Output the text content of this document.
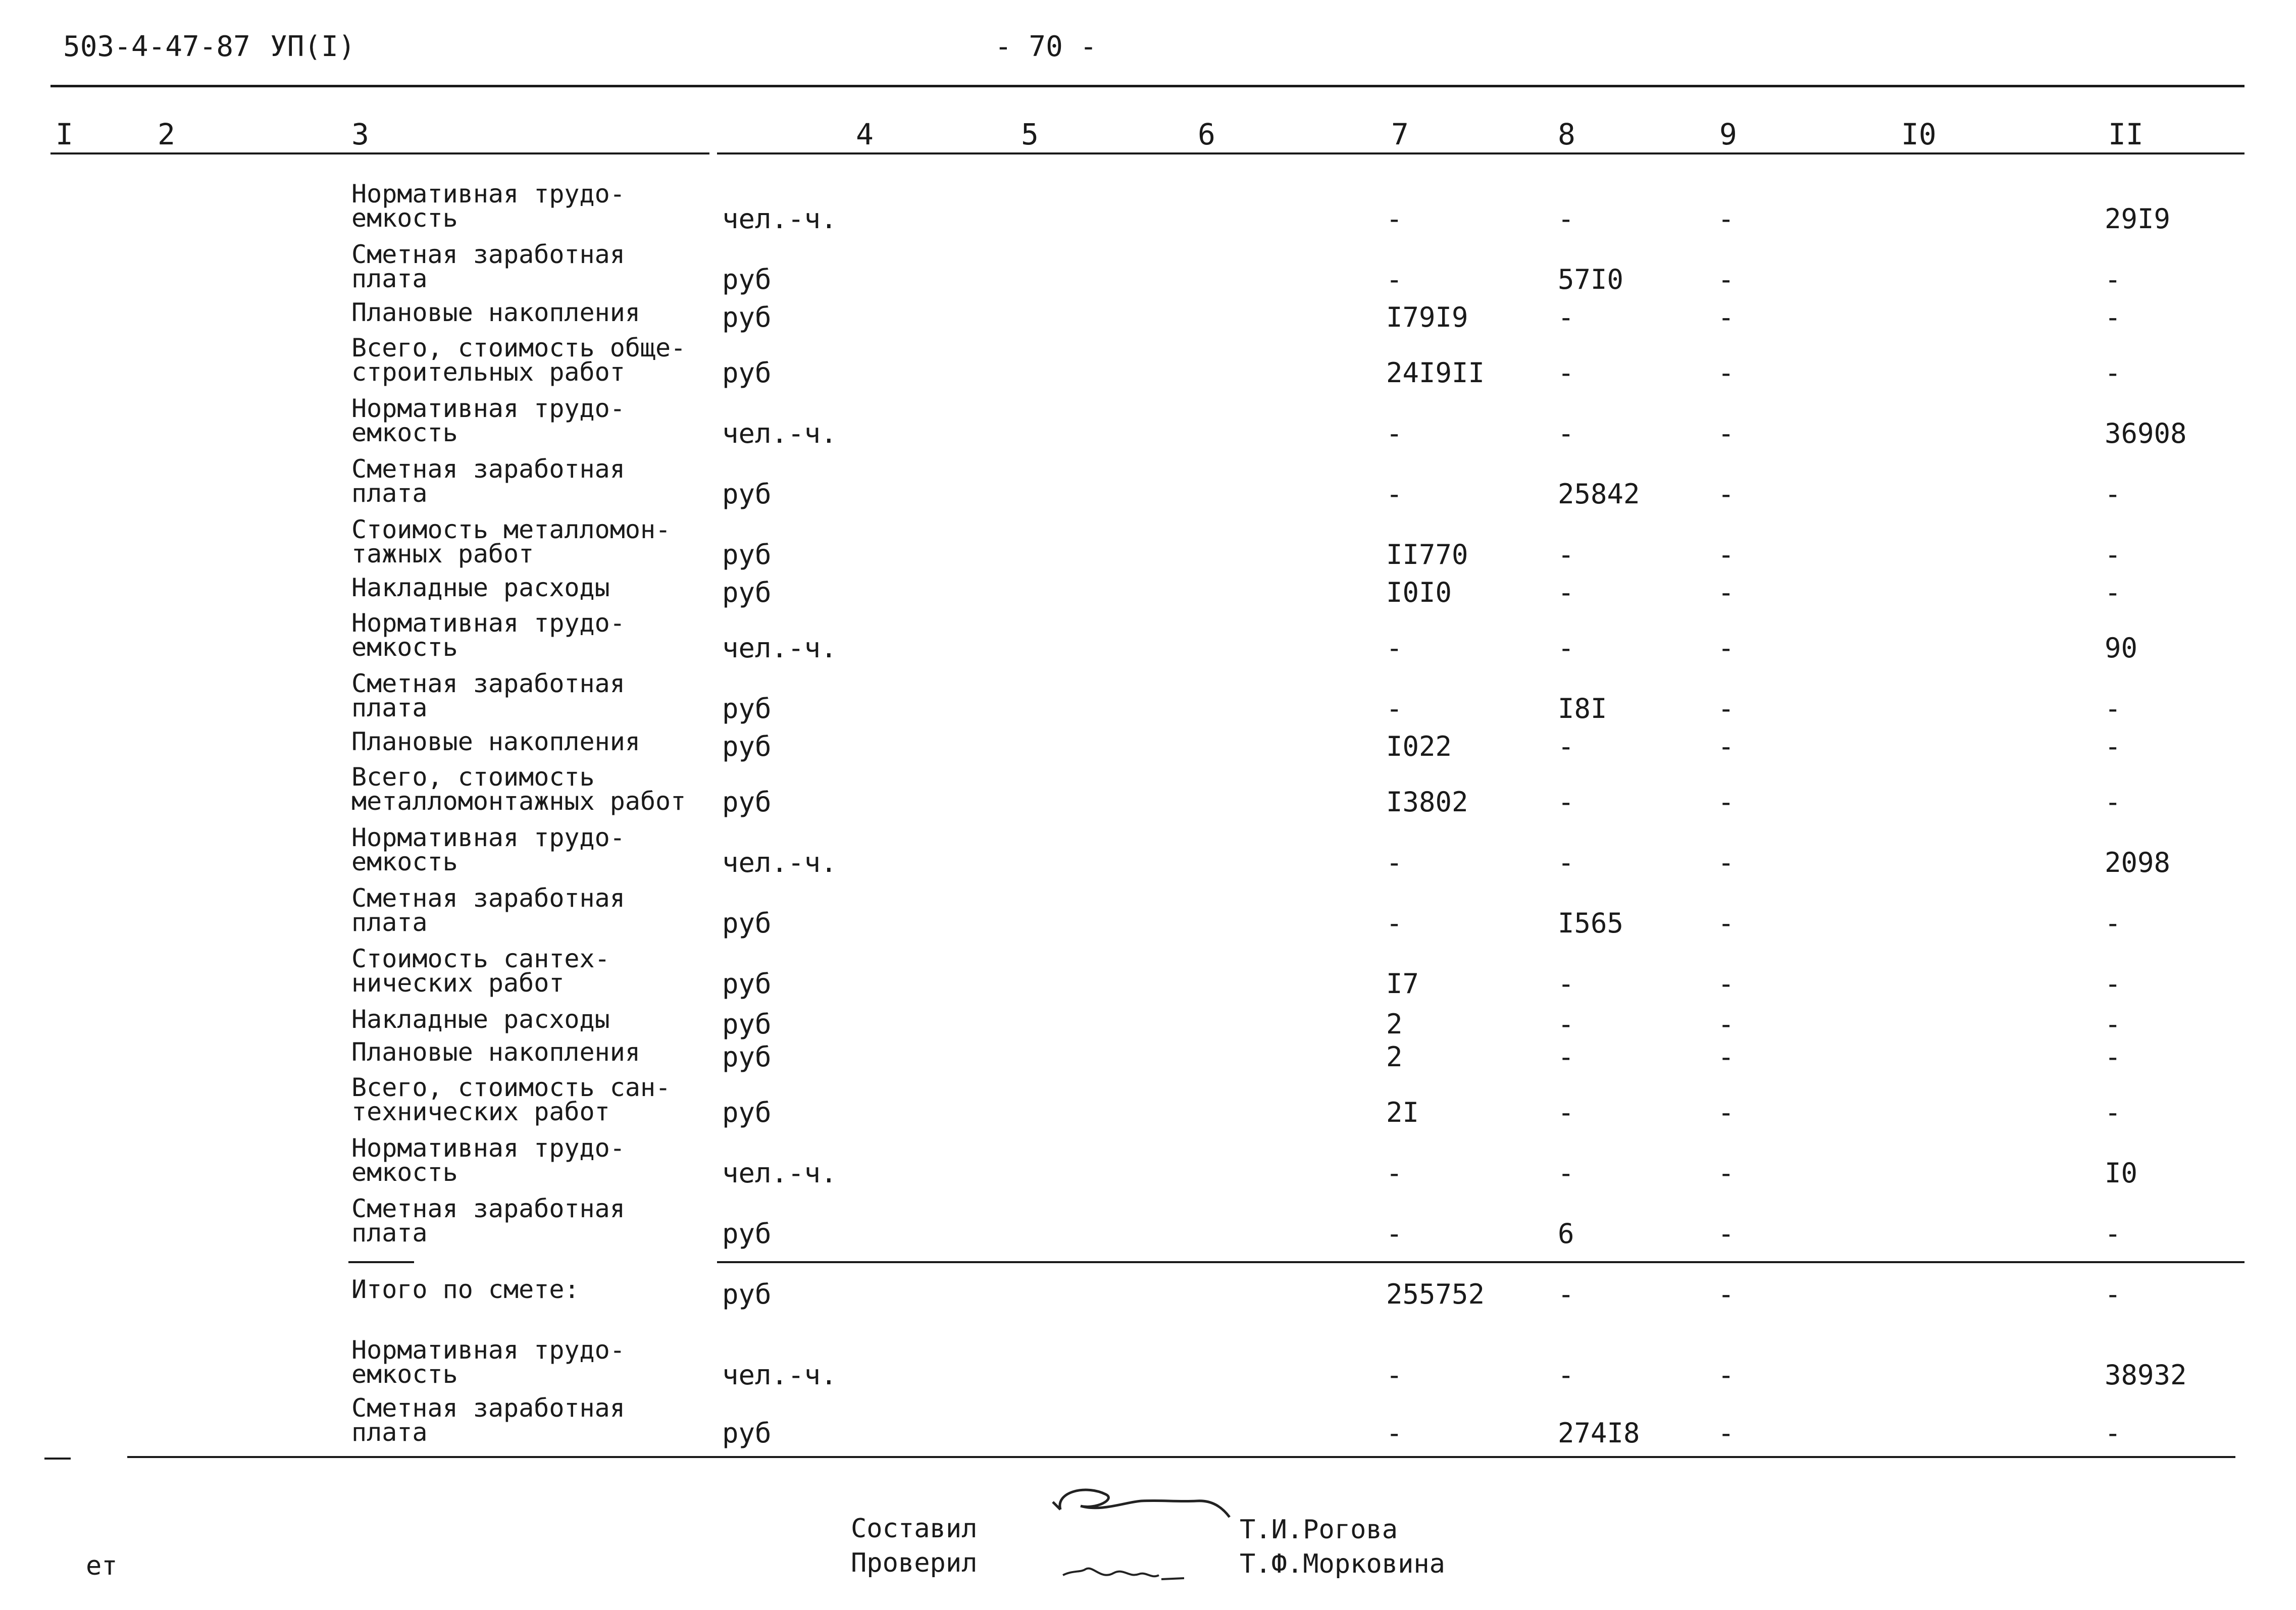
503-4-47-87 УП(I)	- 70 -
I	2	3	4	5	6	7	8	9	I0	II
Нормативная трудо-
емкость	чел.-ч.	-	-	-	29I9
Сметная заработная
плата	руб	-	57I0	-	-
Плановые накопления	руб	I79I9	-	-	-
Всего, стоимость обще-
строительных работ	руб	24I9II	-	-	-
Нормативная трудо-
емкость	чел.-ч.	-	-	-	36908
Сметная заработная
плата	руб	-	25842	-	-
Стоимость металломон-
тажных работ	руб	II770	-	-	-
Накладные расходы	руб	I0I0	-	-	-
Нормативная трудо-
емкость	чел.-ч.	-	-	-	90
Сметная заработная
плата	руб	-	I8I	-	-
Плановые накопления	руб	I022	-	-	-
Всего, стоимость
металломонтажных работ руб	I3802	-	-	-
Нормативная трудо-
емкость	чел.-ч.	-	-	-	2098
Сметная заработная
плата	руб	-	I565	-	-
Стоимость сантех-
нических работ	руб	I7	-	-	-
Накладные расходы	руб	2	-	-	-
Плановые накопления	руб	2	-	-	-
Всего, стоимость сан-
технических работ	руб	2I	-	-	-
Нормативная трудо-
емкость	чел.-ч.	-	-	-	I0
Сметная заработная
плата	руб	-	6	-	-
Итого по смете:	руб	255752	-	-	-
Нормативная трудо-
емкость	чел.-ч.	-	-	-	38932
Сметная заработная
плата	руб	-	274I8	-	-
ет
Составил
Проверил
Т.И.Рогова
Т.Ф.Морковина
